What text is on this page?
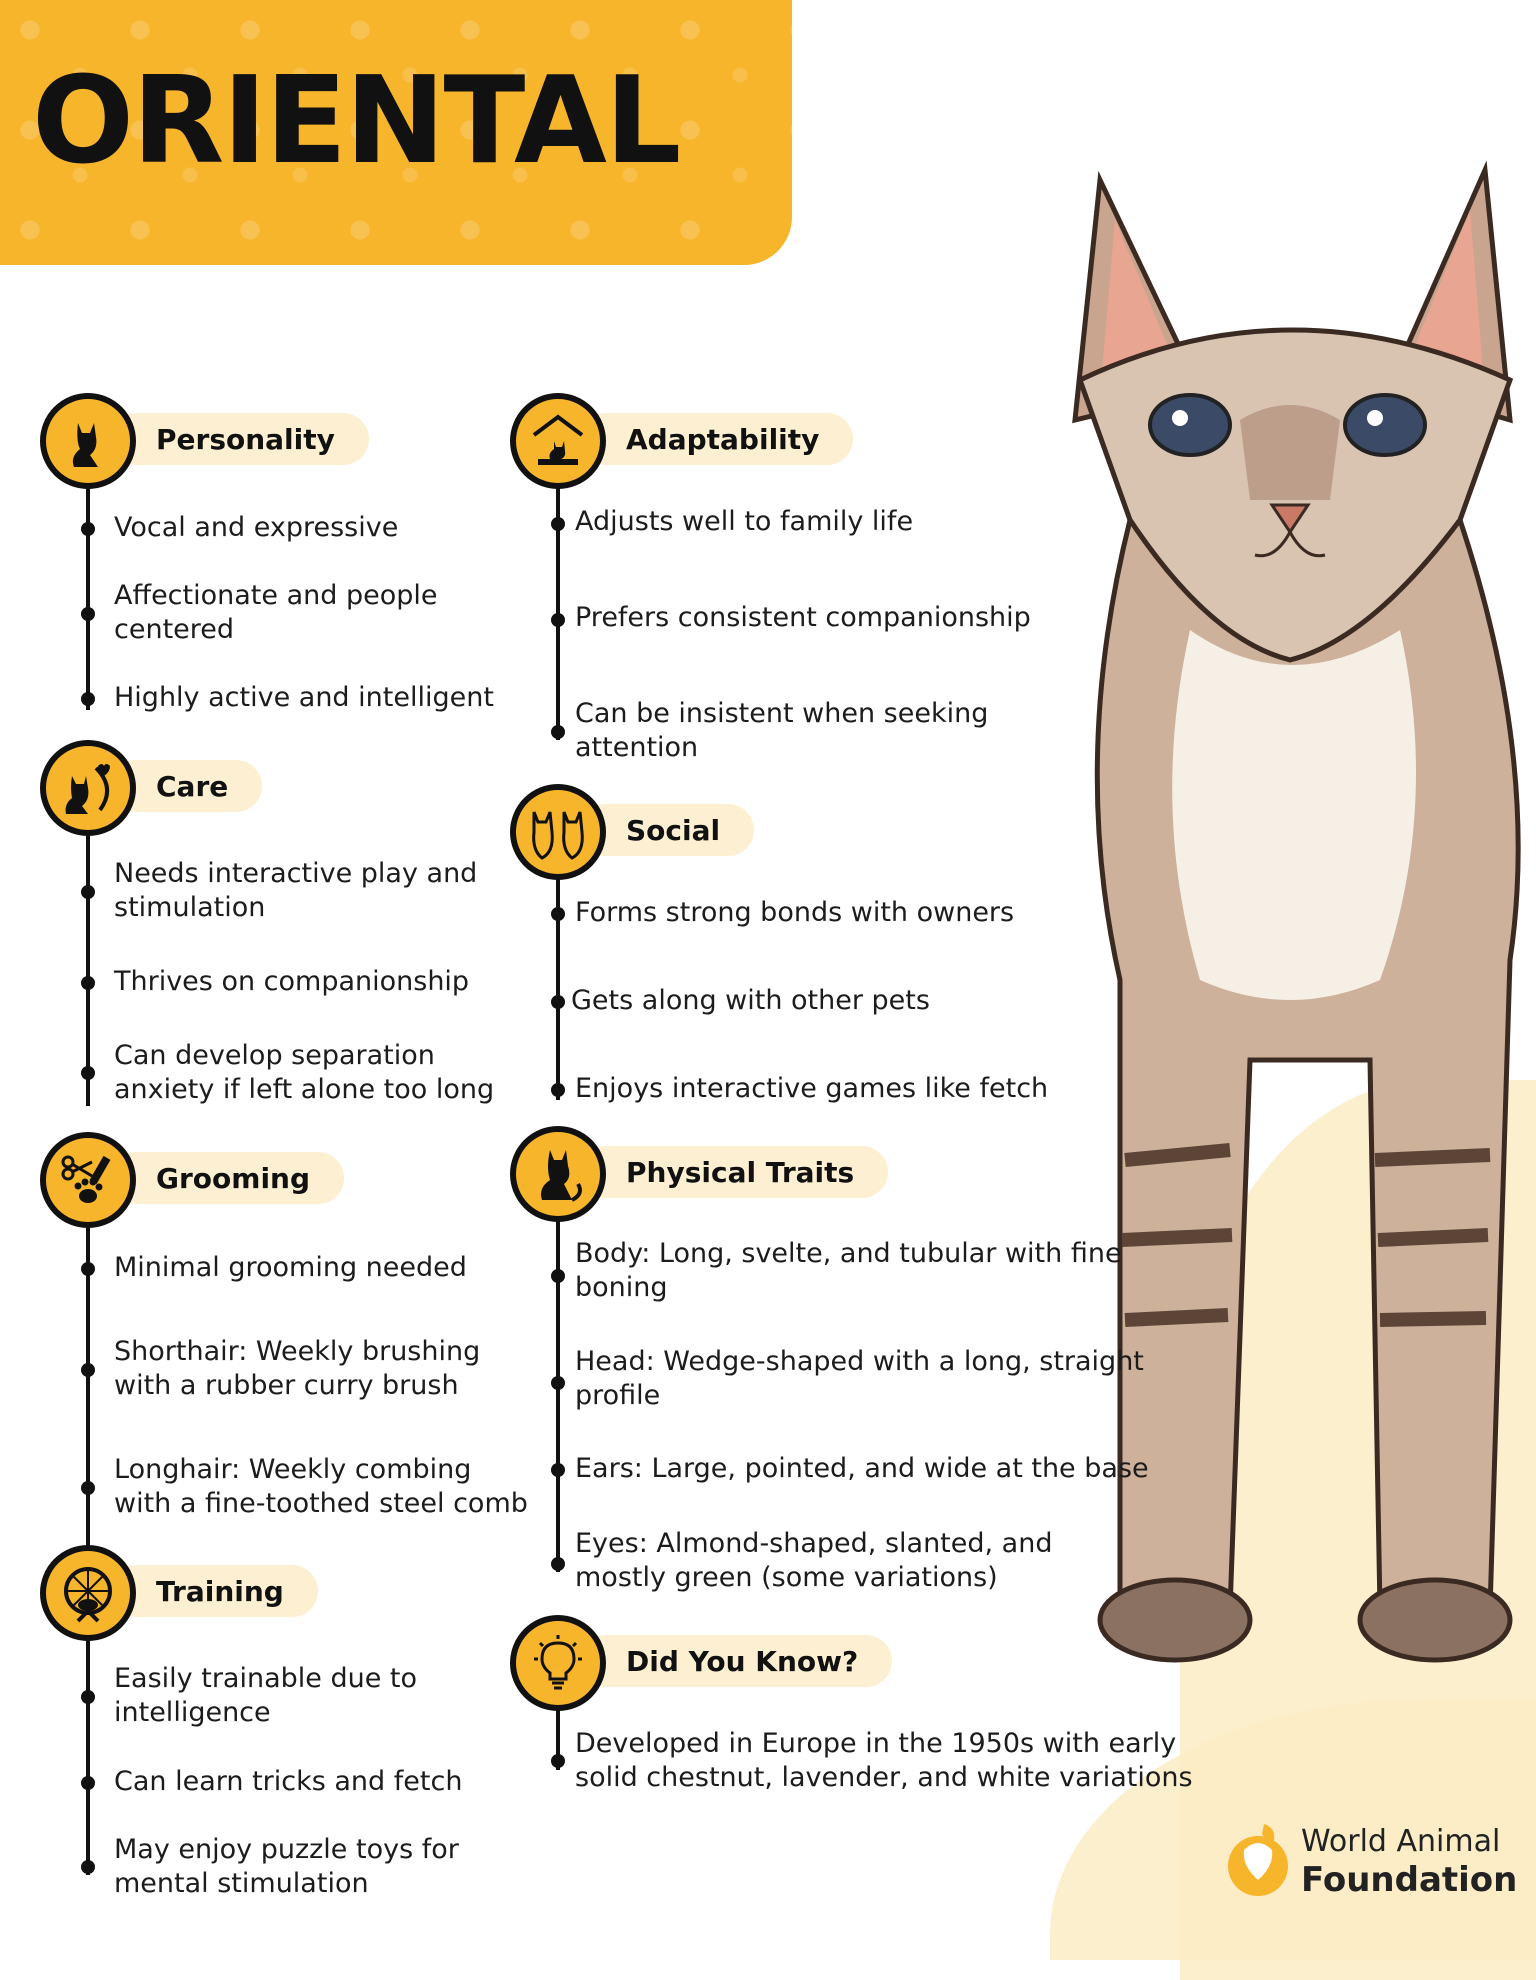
ORIENTAL
Personality
Vocal and expressive
Affectionate and people
centered
Highly active and intelligent
Care
Needs interactive play and
stimulation
Thrives on companionship
Can develop separation
anxiety if left alone too long
Grooming
Minimal grooming needed
Shorthair: Weekly brushing
with a rubber curry brush
Longhair: Weekly combing
with a fine-toothed steel comb
Training
Easily trainable due to
intelligence
Can learn tricks and fetch
May enjoy puzzle toys for
mental stimulation
Adaptability
Adjusts well to family life
Prefers consistent companionship
Can be insistent when seeking
attention
Social
Forms strong bonds with owners
Gets along with other pets
Enjoys interactive games like fetch
Physical Traits
Body: Long, svelte, and tubular with fine
boning
Head: Wedge-shaped with a long, straight
profile
Ears: Large, pointed, and wide at the base
Eyes: Almond-shaped, slanted, and
mostly green (some variations)
Did You Know?
Developed in Europe in the 1950s with early
solid chestnut, lavender, and white variations
World Animal
Foundation
